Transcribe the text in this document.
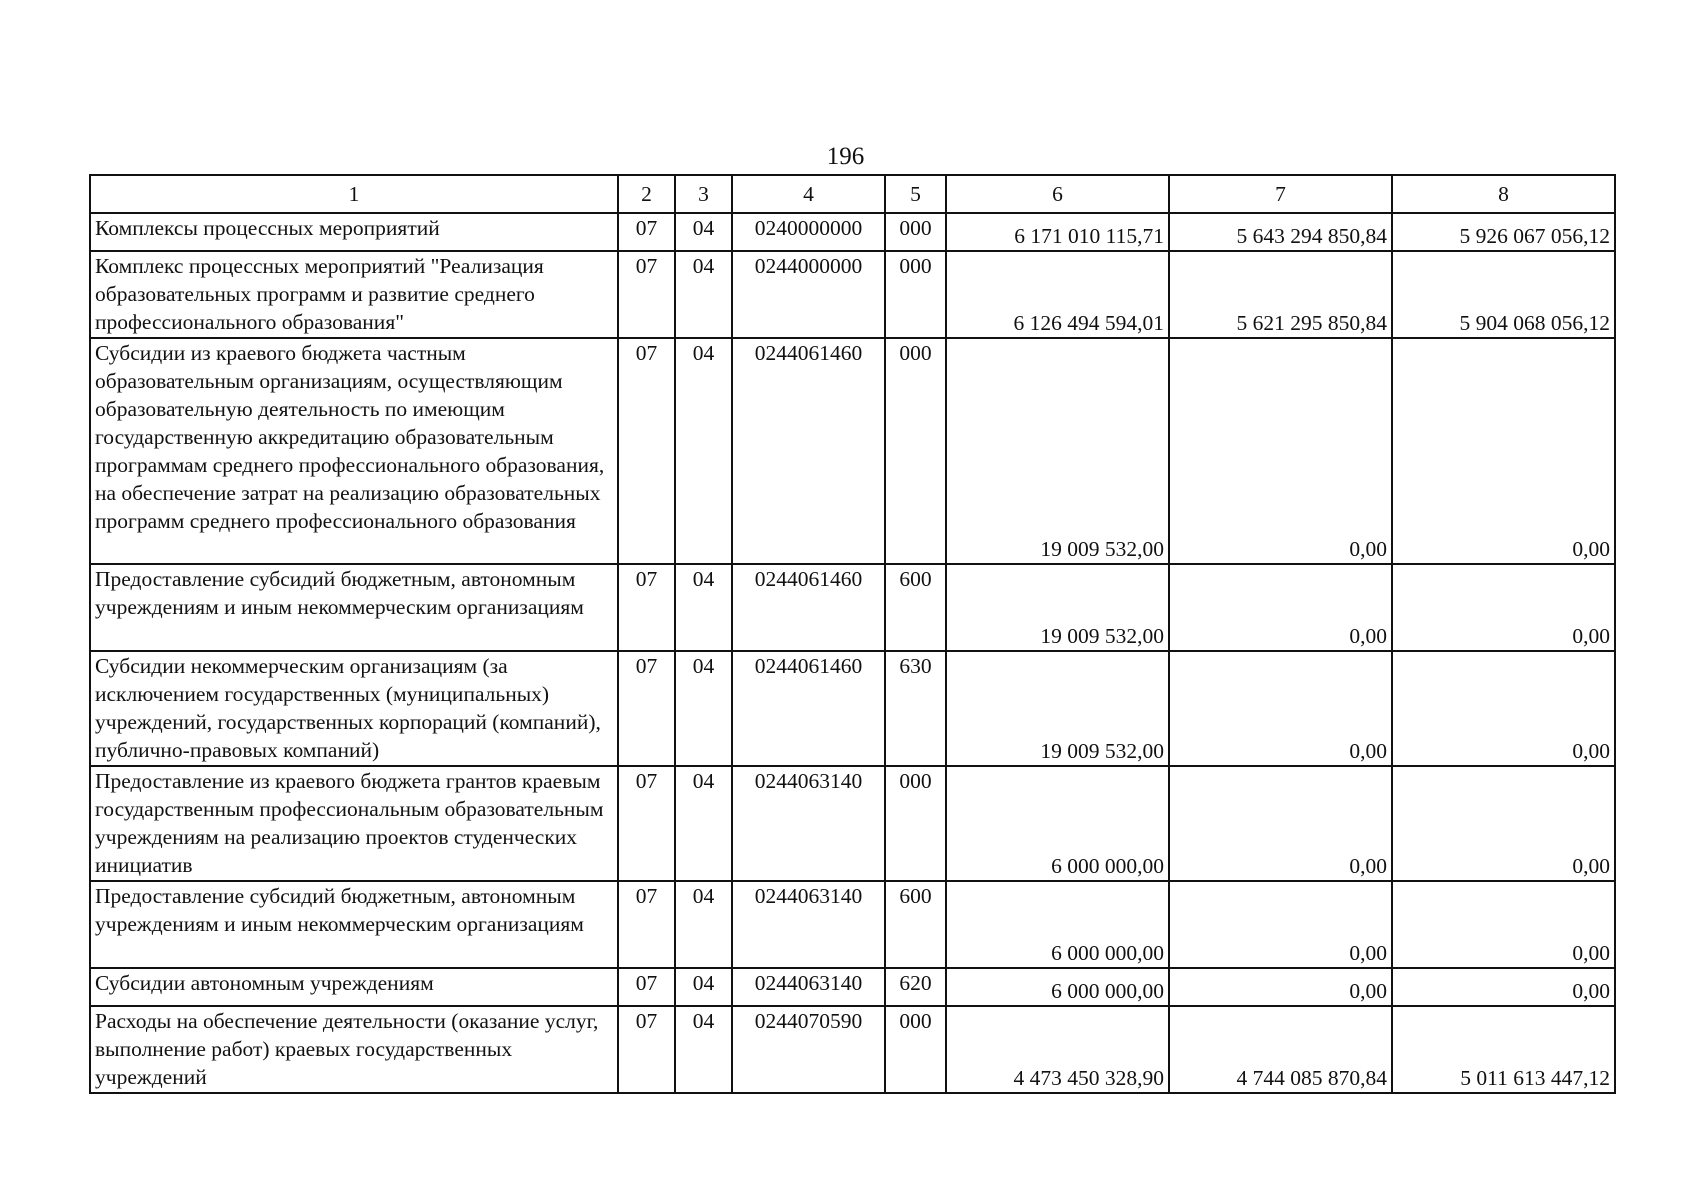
196
1	2	3	4	5	6	7	8
Комплексы процессных мероприятий	07	04	0240000000	000	6 171 010 115,71	5 643 294 850,84	5 926 067 056,12
Комплекс процессных мероприятий "Реализация образовательных программ и развитие среднего профессионального образования"	07	04	0244000000	000	6 126 494 594,01	5 621 295 850,84	5 904 068 056,12
Субсидии из краевого бюджета частным образовательным организациям, осуществляющим образовательную деятельность по имеющим государственную аккредитацию образовательным программам среднего профессионального образования, на обеспечение затрат на реализацию образовательных программ среднего профессионального образования	07	04	0244061460	000	19 009 532,00	0,00	0,00
Предоставление субсидий бюджетным, автономным учреждениям и иным некоммерческим организациям	07	04	0244061460	600	19 009 532,00	0,00	0,00
Субсидии некоммерческим организациям (за исключением государственных (муниципальных) учреждений, государственных корпораций (компаний), публично-правовых компаний)	07	04	0244061460	630	19 009 532,00	0,00	0,00
Предоставление из краевого бюджета грантов краевым государственным профессиональным образовательным учреждениям на реализацию проектов студенческих инициатив	07	04	0244063140	000	6 000 000,00	0,00	0,00
Предоставление субсидий бюджетным, автономным учреждениям и иным некоммерческим организациям	07	04	0244063140	600	6 000 000,00	0,00	0,00
Субсидии автономным учреждениям	07	04	0244063140	620	6 000 000,00	0,00	0,00
Расходы на обеспечение деятельности (оказание услуг, выполнение работ) краевых государственных учреждений	07	04	0244070590	000	4 473 450 328,90	4 744 085 870,84	5 011 613 447,12
